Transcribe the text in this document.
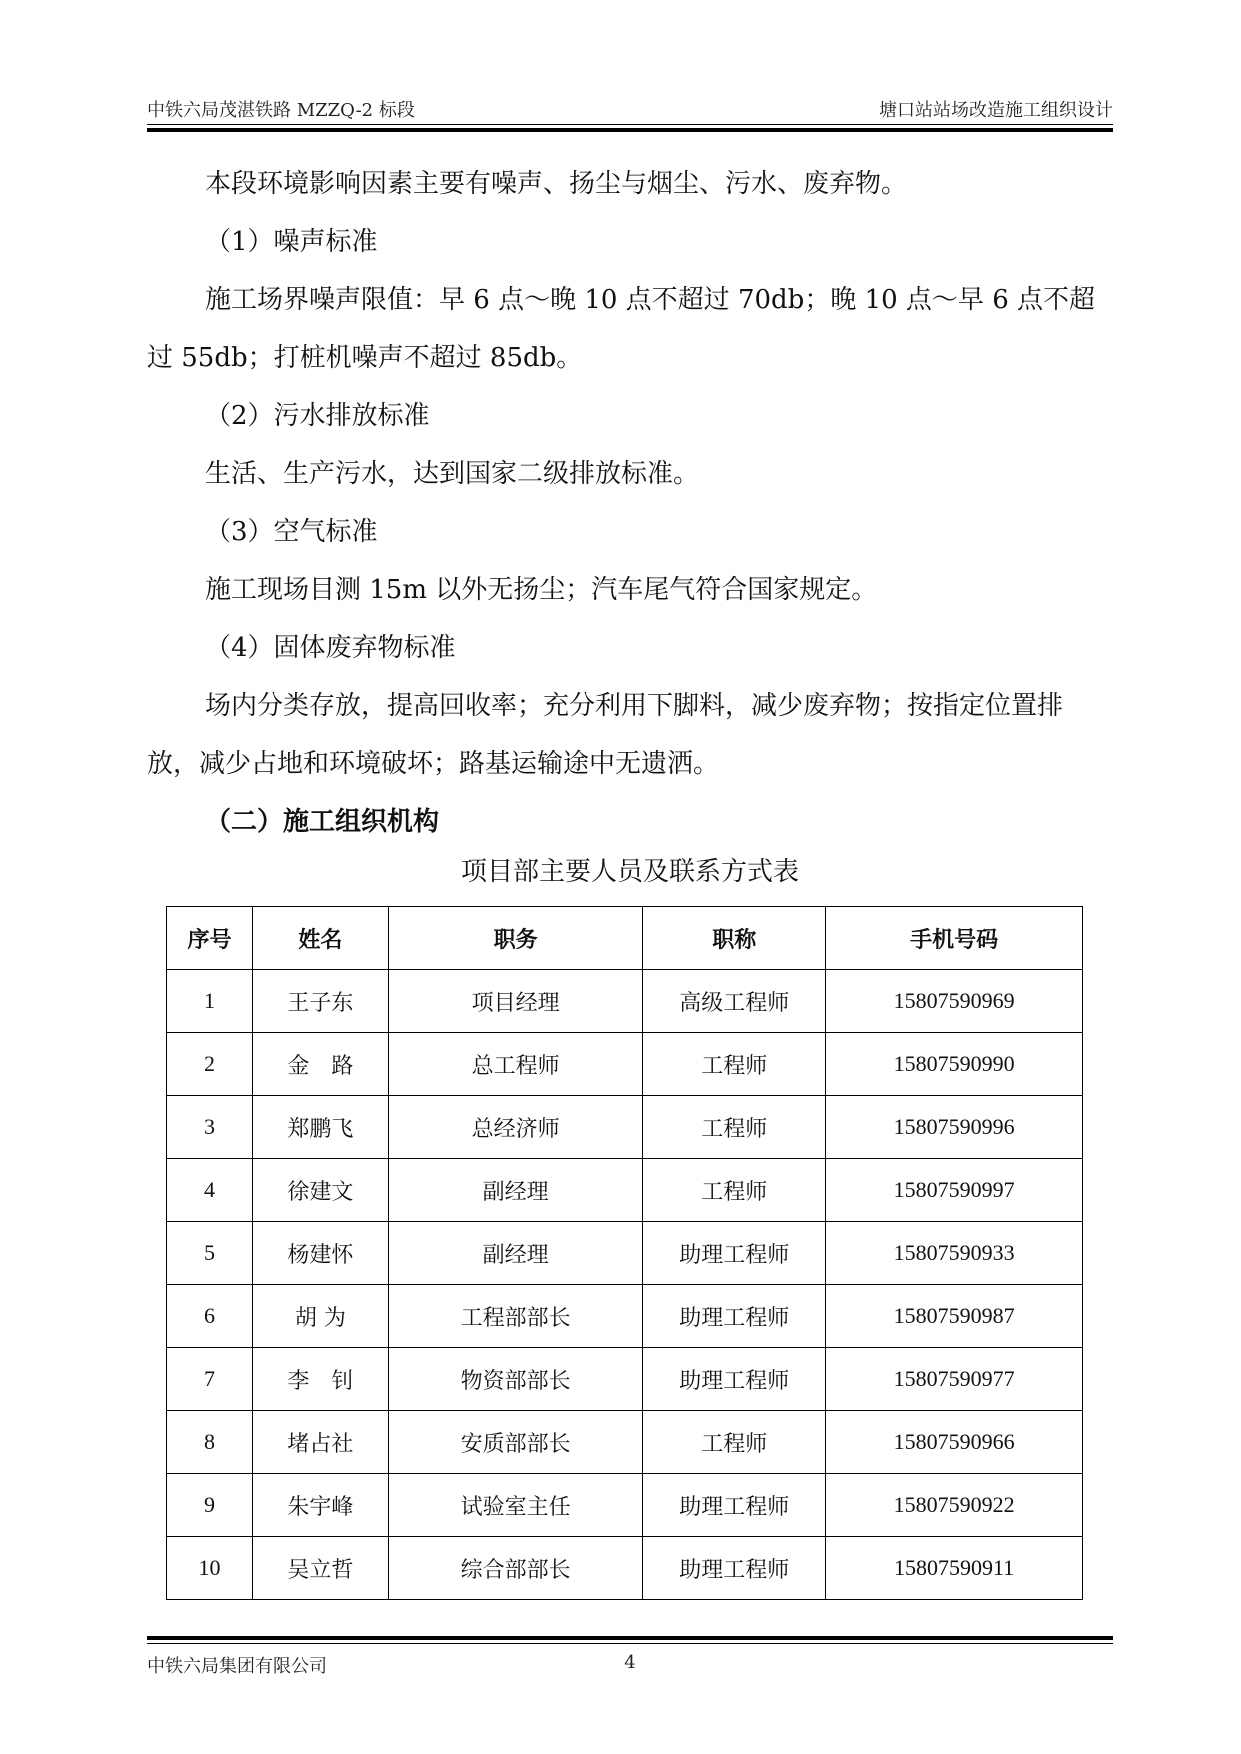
中铁六局茂湛铁路 MZZQ-2 标段	塘口站站场改造施工组织设计

本段环境影响因素主要有噪声、扬尘与烟尘、污水、废弃物。

（1）噪声标准

施工场界噪声限值：早 6 点～晚 10 点不超过 70db；晚 10 点～早 6 点不超过 55db；打桩机噪声不超过 85db。

（2）污水排放标准

生活、生产污水，达到国家二级排放标准。

（3）空气标准

施工现场目测 15m 以外无扬尘；汽车尾气符合国家规定。

（4）固体废弃物标准

场内分类存放，提高回收率；充分利用下脚料，减少废弃物；按指定位置排放，减少占地和环境破坏；路基运输途中无遗洒。

（二）施工组织机构

项目部主要人员及联系方式表
序号	姓名	职务	职称	手机号码
1	王子东	项目经理	高级工程师	15807590969
2	金　路	总工程师	工程师	15807590990
3	郑鹏飞	总经济师	工程师	15807590996
4	徐建文	副经理	工程师	15807590997
5	杨建怀	副经理	助理工程师	15807590933
6	胡 为	工程部部长	助理工程师	15807590987
7	李　钊	物资部部长	助理工程师	15807590977
8	堵占社	安质部部长	工程师	15807590966
9	朱宇峰	试验室主任	助理工程师	15807590922
10	吴立哲	综合部部长	助理工程师	15807590911
中铁六局集团有限公司	4
